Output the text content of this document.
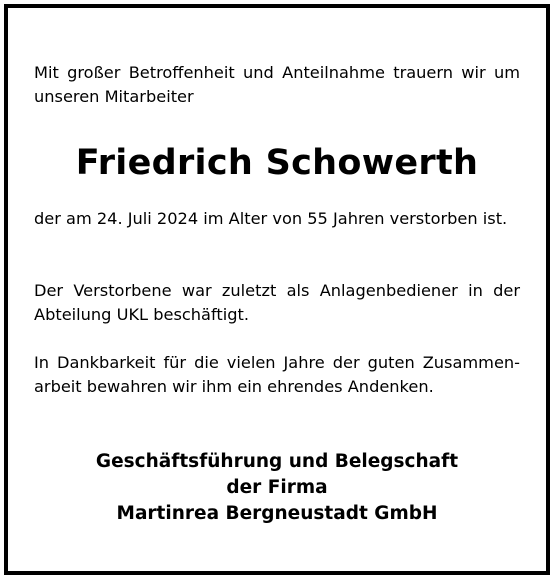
Mit großer Betroffenheit und Anteilnahme trauern wir um
unseren Mitarbeiter

Friedrich Schowerth

der am 24. Juli 2024 im Alter von 55 Jahren verstorben ist.

Der Verstorbene war zuletzt als Anlagenbediener in der
Abteilung UKL beschäftigt.

In Dankbarkeit für die vielen Jahre der guten Zusammen-
arbeit bewahren wir ihm ein ehrendes Andenken.

Geschäftsführung und Belegschaft
der Firma
Martinrea Bergneustadt GmbH
